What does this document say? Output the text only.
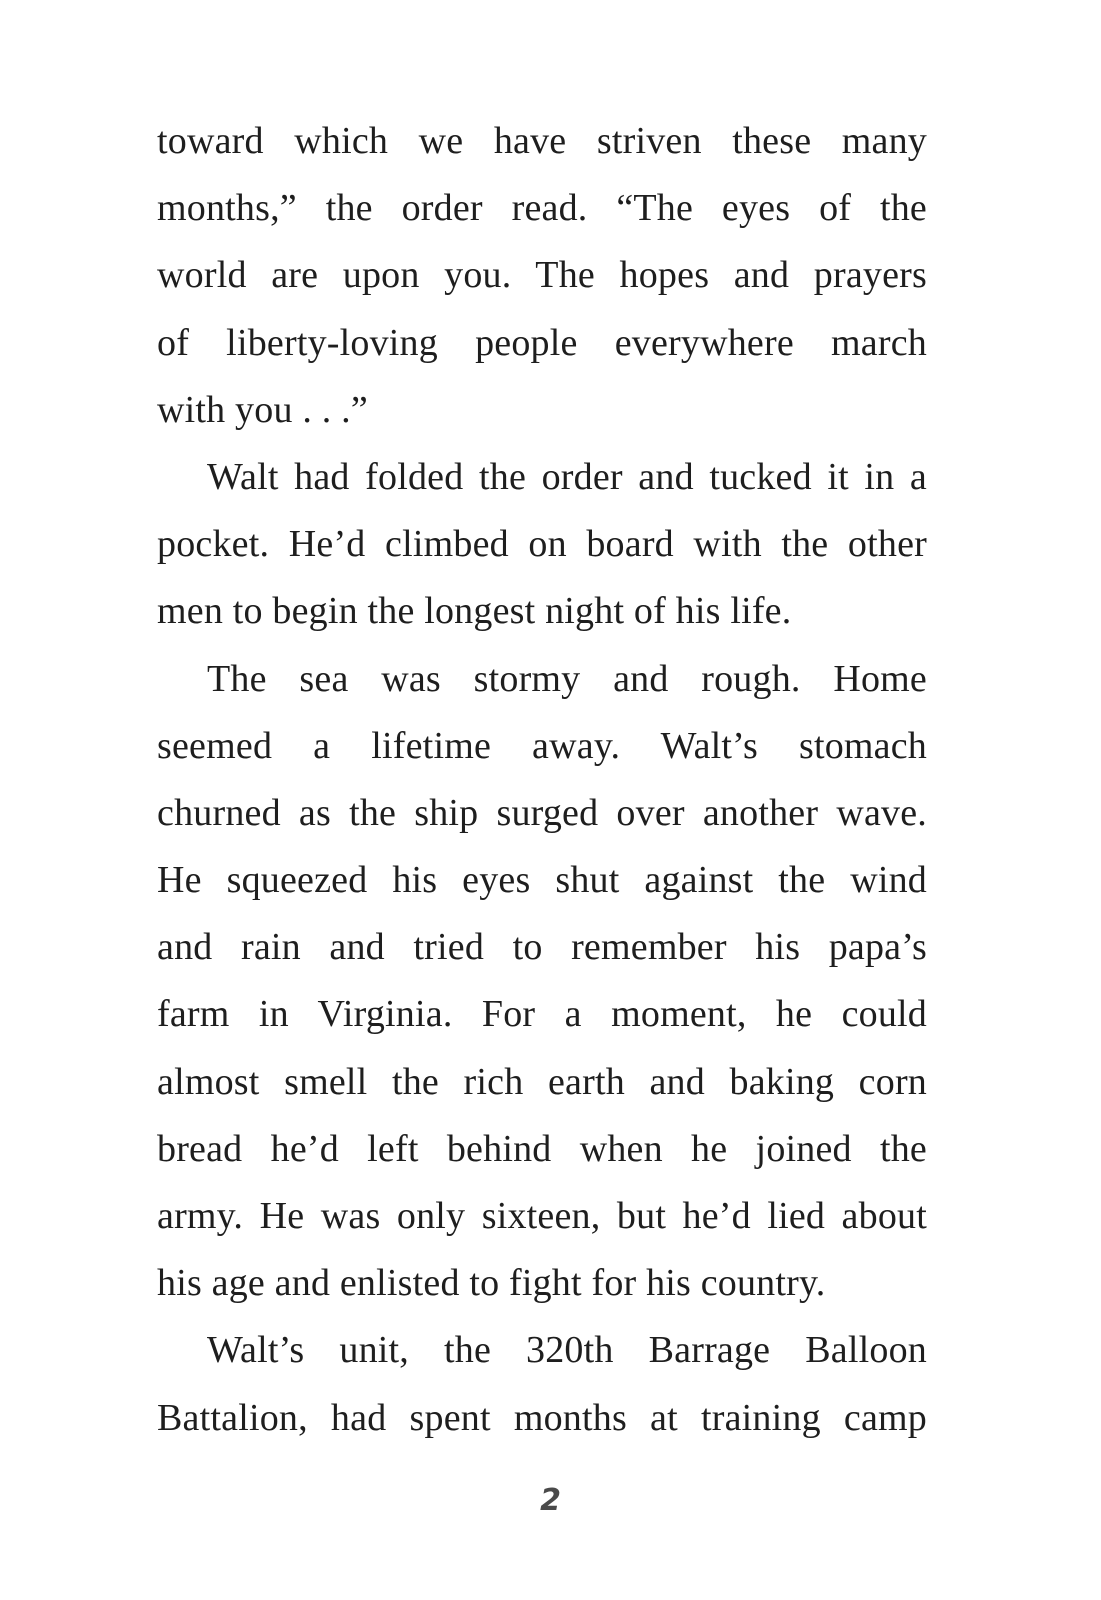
toward which we have striven these many
months,” the order read. “The eyes of the
world are upon you. The hopes and prayers
of liberty-loving people everywhere march
with you . . .”
Walt had folded the order and tucked it in a
pocket. He’d climbed on board with the other
men to begin the longest night of his life.
The sea was stormy and rough. Home
seemed a lifetime away. Walt’s stomach
churned as the ship surged over another wave.
He squeezed his eyes shut against the wind
and rain and tried to remember his papa’s
farm in Virginia. For a moment, he could
almost smell the rich earth and baking corn
bread he’d left behind when he joined the
army. He was only sixteen, but he’d lied about
his age and enlisted to fight for his country.
Walt’s unit, the 320th Barrage Balloon
Battalion, had spent months at training camp
2
